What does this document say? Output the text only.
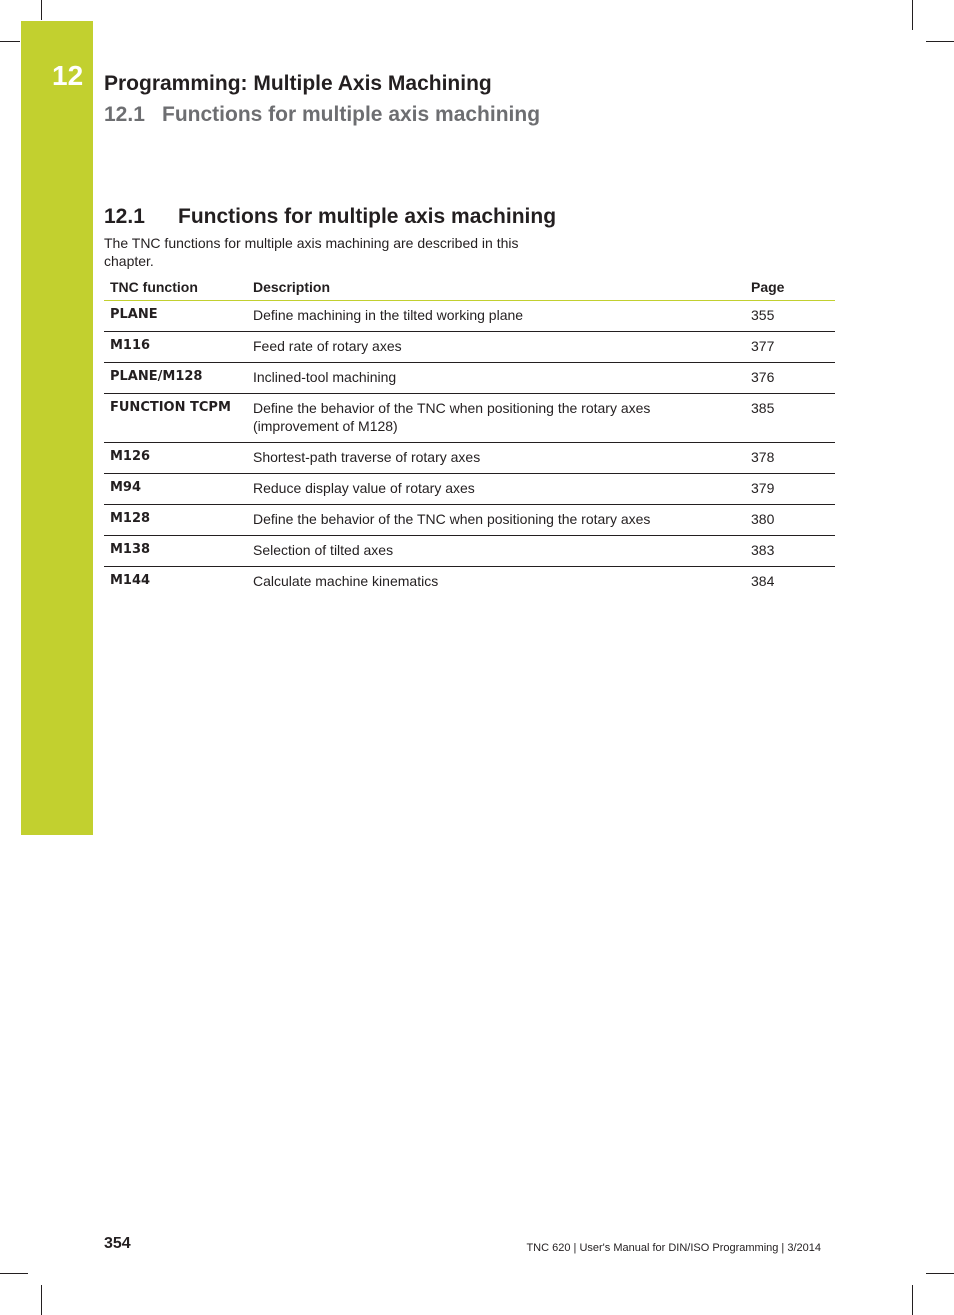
12 Programming: Multiple Axis Machining
12.1 Functions for multiple axis machining
12.1 Functions for multiple axis machining
The TNC functions for multiple axis machining are described in this chapter.
TNC function	Description	Page
PLANE	Define machining in the tilted working plane	355
M116	Feed rate of rotary axes	377
PLANE/M128	Inclined-tool machining	376
FUNCTION TCPM	Define the behavior of the TNC when positioning the rotary axes (improvement of M128)	385
M126	Shortest-path traverse of rotary axes	378
M94	Reduce display value of rotary axes	379
M128	Define the behavior of the TNC when positioning the rotary axes	380
M138	Selection of tilted axes	383
M144	Calculate machine kinematics	384
354	TNC 620 | User's Manual for DIN/ISO Programming | 3/2014
